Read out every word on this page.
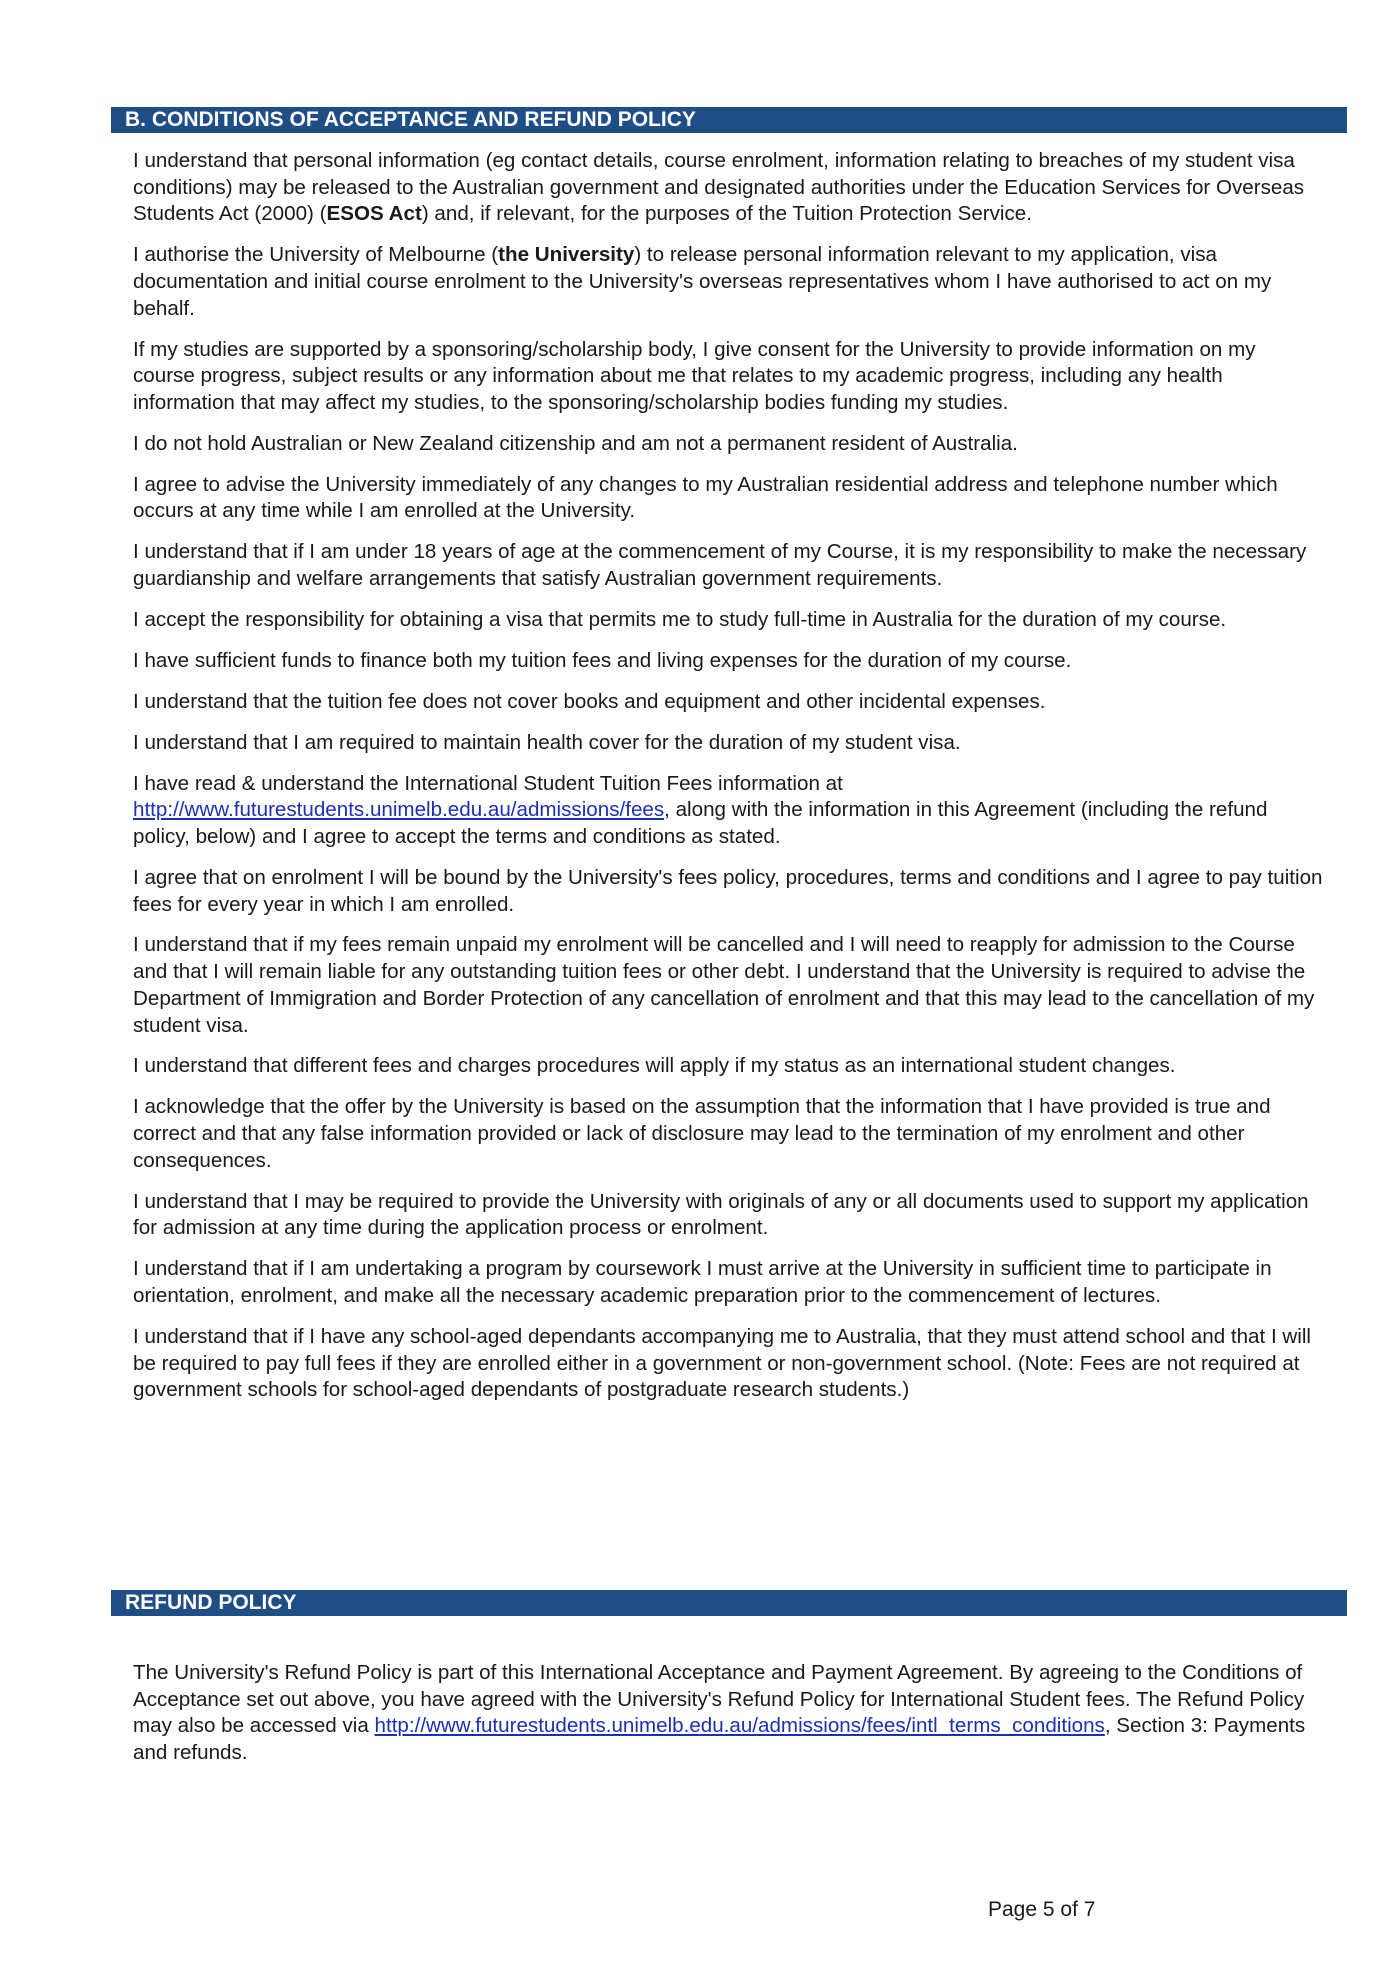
B. CONDITIONS OF ACCEPTANCE AND REFUND POLICY

I understand that personal information (eg contact details, course enrolment, information relating to breaches of my student visa conditions) may be released to the Australian government and designated authorities under the Education Services for Overseas Students Act (2000) (ESOS Act) and, if relevant, for the purposes of the Tuition Protection Service.

I authorise the University of Melbourne (the University) to release personal information relevant to my application, visa documentation and initial course enrolment to the University's overseas representatives whom I have authorised to act on my behalf.

If my studies are supported by a sponsoring/scholarship body, I give consent for the University to provide information on my course progress, subject results or any information about me that relates to my academic progress, including any health information that may affect my studies, to the sponsoring/scholarship bodies funding my studies.

I do not hold Australian or New Zealand citizenship and am not a permanent resident of Australia.

I agree to advise the University immediately of any changes to my Australian residential address and telephone number which occurs at any time while I am enrolled at the University.

I understand that if I am under 18 years of age at the commencement of my Course, it is my responsibility to make the necessary guardianship and welfare arrangements that satisfy Australian government requirements.

I accept the responsibility for obtaining a visa that permits me to study full-time in Australia for the duration of my course.

I have sufficient funds to finance both my tuition fees and living expenses for the duration of my course.

I understand that the tuition fee does not cover books and equipment and other incidental expenses.

I understand that I am required to maintain health cover for the duration of my student visa.

I have read & understand the International Student Tuition Fees information at http://www.futurestudents.unimelb.edu.au/admissions/fees, along with the information in this Agreement (including the refund policy, below) and I agree to accept the terms and conditions as stated.

I agree that on enrolment I will be bound by the University's fees policy, procedures, terms and conditions and I agree to pay tuition fees for every year in which I am enrolled.

I understand that if my fees remain unpaid my enrolment will be cancelled and I will need to reapply for admission to the Course and that I will remain liable for any outstanding tuition fees or other debt. I understand that the University is required to advise the Department of Immigration and Border Protection of any cancellation of enrolment and that this may lead to the cancellation of my student visa.

I understand that different fees and charges procedures will apply if my status as an international student changes.

I acknowledge that the offer by the University is based on the assumption that the information that I have provided is true and correct and that any false information provided or lack of disclosure may lead to the termination of my enrolment and other consequences.

I understand that I may be required to provide the University with originals of any or all documents used to support my application for admission at any time during the application process or enrolment.

I understand that if I am undertaking a program by coursework I must arrive at the University in sufficient time to participate in orientation, enrolment, and make all the necessary academic preparation prior to the commencement of lectures.

I understand that if I have any school-aged dependants accompanying me to Australia, that they must attend school and that I will be required to pay full fees if they are enrolled either in a government or non-government school. (Note: Fees are not required at government schools for school-aged dependants of postgraduate research students.)

REFUND POLICY

The University's Refund Policy is part of this International Acceptance and Payment Agreement. By agreeing to the Conditions of Acceptance set out above, you have agreed with the University's Refund Policy for International Student fees. The Refund Policy may also be accessed via http://www.futurestudents.unimelb.edu.au/admissions/fees/intl_terms_conditions, Section 3: Payments and refunds.

Page 5 of 7
